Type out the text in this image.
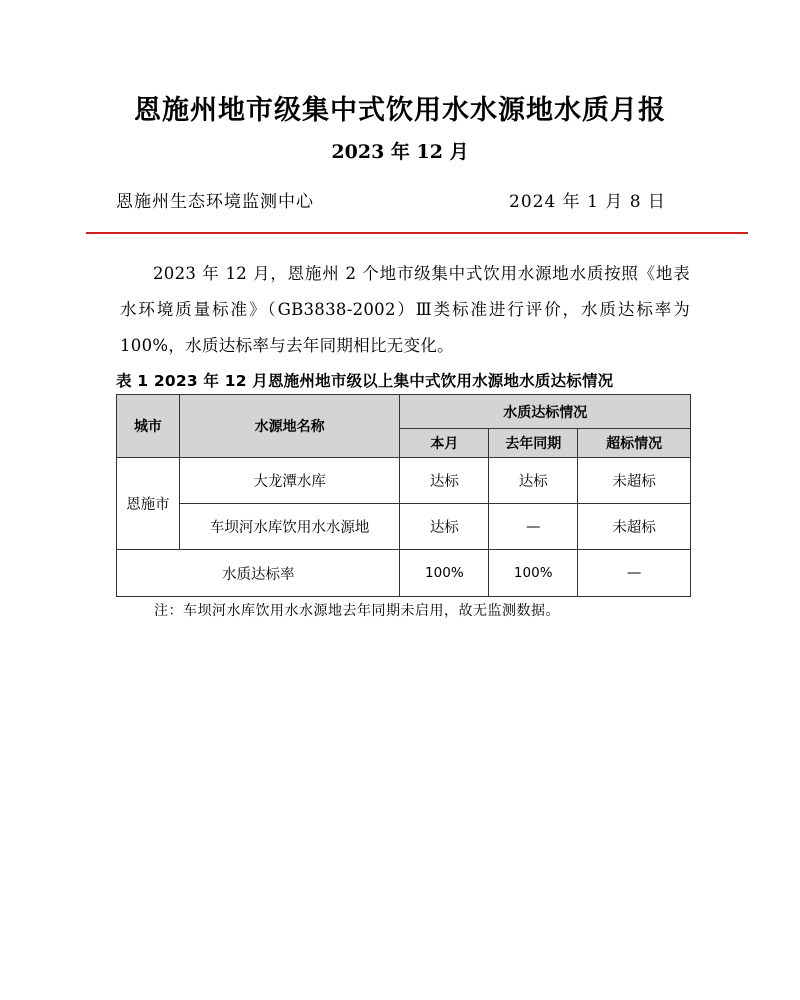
恩施州地市级集中式饮用水水源地水质月报
2023 年 12 月
恩施州生态环境监测中心	2024 年 1 月 8 日
2023 年 12 月，恩施州 2 个地市级集中式饮用水源地水质按照《地表水环境质量标准》（GB3838-2002）Ⅲ类标准进行评价，水质达标率为 100%，水质达标率与去年同期相比无变化。
表 1 2023 年 12 月恩施州地市级以上集中式饮用水源地水质达标情况
城市	水源地名称	水质达标情况		
		本月	去年同期	超标情况
恩施市	大龙潭水库	达标	达标	未超标
	车坝河水库饮用水水源地	达标	—	未超标
水质达标率		100%	100%	—
注：车坝河水库饮用水水源地去年同期未启用，故无监测数据。
